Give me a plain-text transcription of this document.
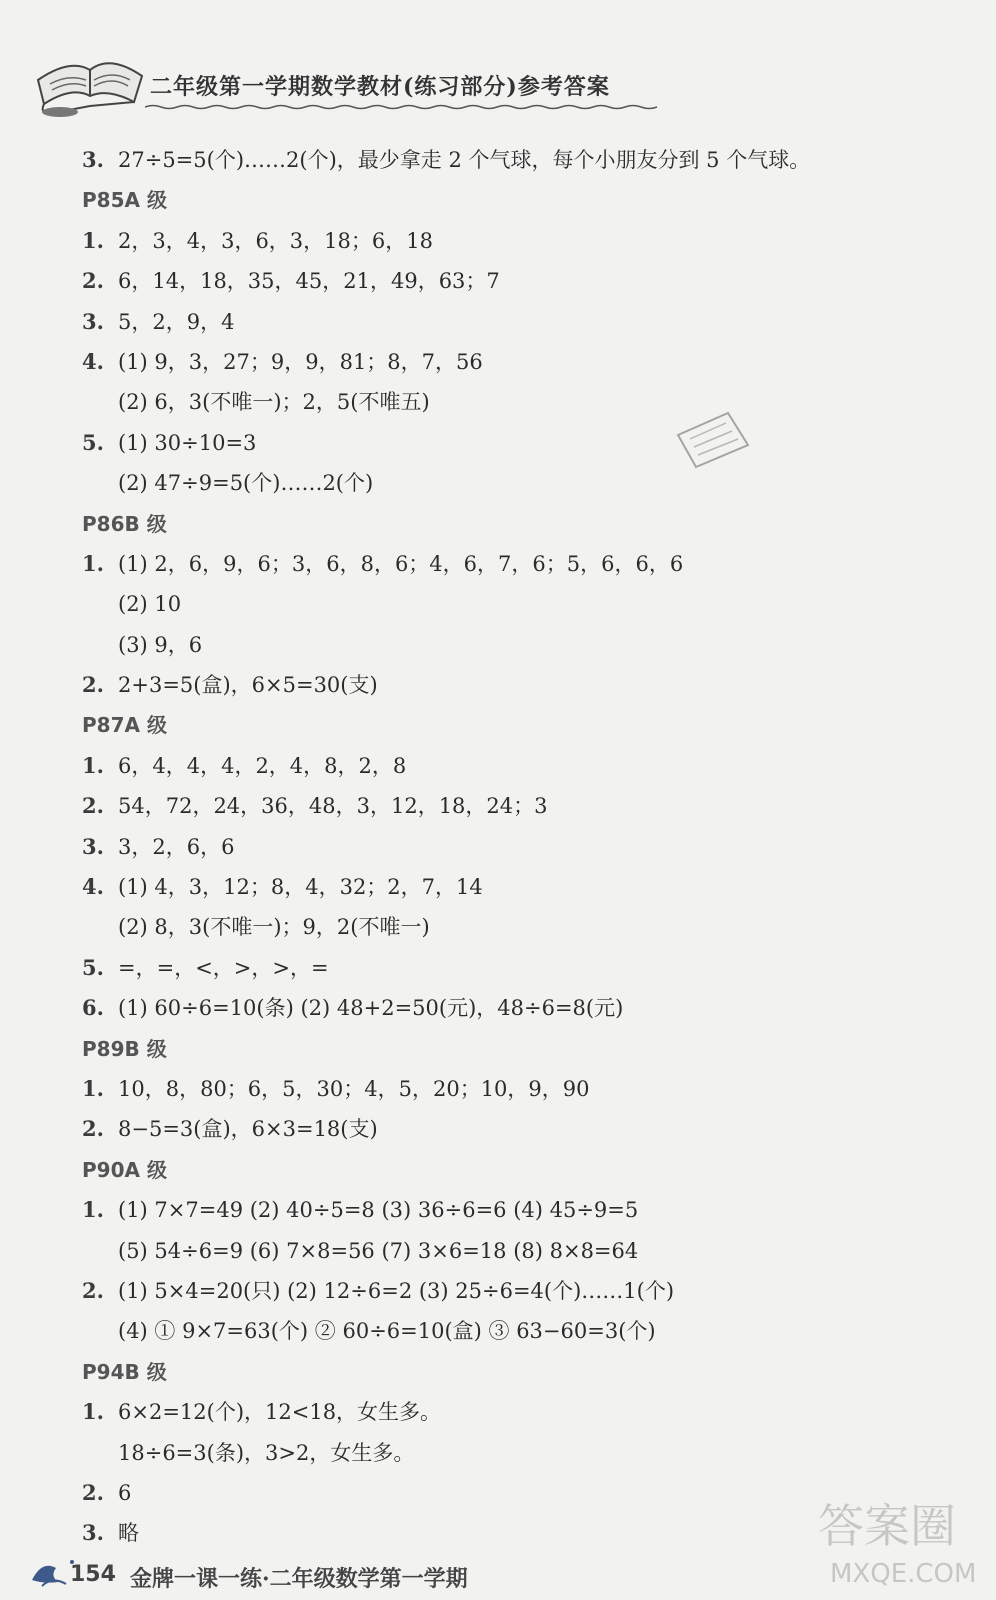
二年级第一学期数学教材(练习部分)参考答案
3. 27÷5=5(个)……2(个)，最少拿走 2 个气球，每个小朋友分到 5 个气球。
P85A 级
1. 2，3，4，3，6，3，18；6，18
2. 6，14，18，35，45，21，49，63；7
3. 5，2，9，4
4. (1) 9，3，27；9，9，81；8，7，56
(2) 6，3(不唯一)；2，5(不唯五)
5. (1) 30÷10=3
(2) 47÷9=5(个)……2(个)
P86B 级
1. (1) 2，6，9，6；3，6，8，6；4，6，7，6；5，6，6，6
(2) 10
(3) 9，6
2. 2+3=5(盒)，6×5=30(支)
P87A 级
1. 6，4，4，4，2，4，8，2，8
2. 54，72，24，36，48，3，12，18，24；3
3. 3，2，6，6
4. (1) 4，3，12；8，4，32；2，7，14
(2) 8，3(不唯一)；9，2(不唯一)
5. =，=，<，>，>，=
6. (1) 60÷6=10(条) (2) 48+2=50(元)，48÷6=8(元)
P89B 级
1. 10，8，80；6，5，30；4，5，20；10，9，90
2. 8−5=3(盒)，6×3=18(支)
P90A 级
1. (1) 7×7=49 (2) 40÷5=8 (3) 36÷6=6 (4) 45÷9=5
(5) 54÷6=9 (6) 7×8=56 (7) 3×6=18 (8) 8×8=64
2. (1) 5×4=20(只) (2) 12÷6=2 (3) 25÷6=4(个)……1(个)
(4) ① 9×7=63(个) ② 60÷6=10(盒) ③ 63−60=3(个)
P94B 级
1. 6×2=12(个)，12<18，女生多。
18÷6=3(条)，3>2，女生多。
2. 6
3. 略	答案圈
MXQE.COM
154 金牌一课一练·二年级数学第一学期
